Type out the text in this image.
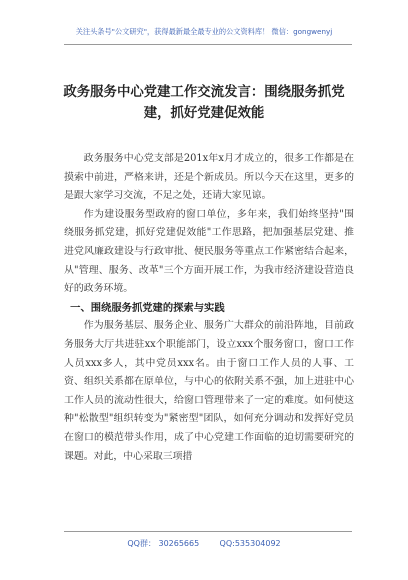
关注头条号"公文研究"，获得最新最全最专业的公文资料库！ 微信：gongwenyj
政务服务中心党建工作交流发言：围绕服务抓党
建，抓好党建促效能

政务服务中心党支部是201x年x月才成立的，很多工作都是在摸索中前进，严格来讲，还是个新成员。所以今天在这里，更多的是跟大家学习交流，不足之处，还请大家见谅。

作为建设服务型政府的窗口单位，多年来，我们始终坚持"围绕服务抓党建，抓好党建促效能"工作思路，把加强基层党建、推进党风廉政建设与行政审批、便民服务等重点工作紧密结合起来，从"管理、服务、改革"三个方面开展工作，为我市经济建设营造良好的政务环境。

一、围绕服务抓党建的探索与实践

作为服务基层、服务企业、服务广大群众的前沿阵地，目前政务服务大厅共进驻xx个职能部门，设立xxx个服务窗口，窗口工作人员xxx多人，其中党员xxx名。由于窗口工作人员的人事、工资、组织关系都在原单位，与中心的依附关系不强，加上进驻中心工作人员的流动性很大，给窗口管理带来了一定的难度。如何使这种"松散型"组织转变为"紧密型"团队，如何充分调动和发挥好党员在窗口的模范带头作用，成了中心党建工作面临的迫切需要研究的课题。对此，中心采取三项措

QQ群： 30265665	QQ:535304092
